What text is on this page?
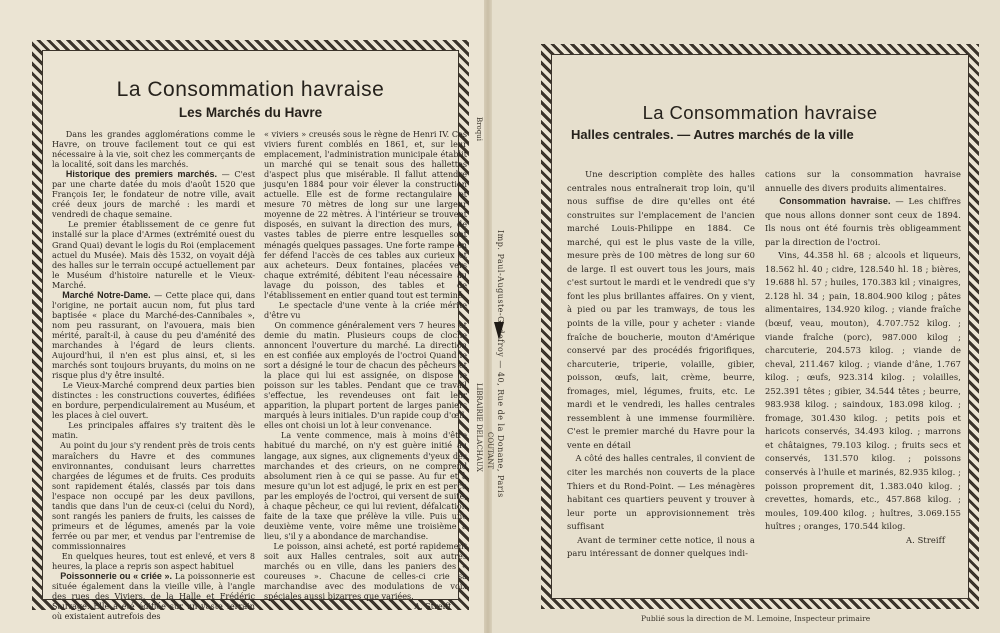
La Consommation havraise
Les Marchés du Havre

Dans les grandes agglomérations comme le Havre, on trouve facilement tout ce qui est nécessaire à la vie, soit chez les commerçants de la localité, soit dans les marchés.

Historique des premiers marchés. — C'est par une charte datée du mois d'août 1520 que François Ier, le fondateur de notre ville, avait créé deux jours de marché : les mardi et vendredi de chaque semaine.

Le premier établissement de ce genre fut installé sur la place d'Armes (extrémité ouest du Grand Quai) devant le logis du Roi (emplacement actuel du Musée). Mais dès 1532, on voyait déjà des halles sur le terrain occupé actuellement par le Muséum d'histoire naturelle et le Vieux-Marché.

Marché Notre-Dame. — Cette place qui, dans l'origine, ne portait aucun nom, fut plus tard baptisée « place du Marché-des-Cannibales », nom peu rassurant, on l'avouera, mais bien mérité, paraît-il, à cause du peu d'aménité des marchandes à l'égard de leurs clients. Aujourd'hui, il n'en est plus ainsi, et, si les marchés sont toujours bruyants, du moins on ne risque plus d'y être insulté.

Le Vieux-Marché comprend deux parties bien distinctes : les constructions couvertes, édifiées en bordure, perpendiculairement au Muséum, et les places à ciel ouvert.

Les principales affaires s'y traitent dès le matin.

Au point du jour s'y rendent près de trois cents maraîchers du Havre et des communes environnantes, conduisant leurs charrettes chargées de légumes et de fruits. Ces produits sont rapidement étalés, classés par tois dans l'espace non occupé par les deux pavillons, tandis que dans l'un de ceux-ci (celui du Nord), sont rangés les paniers de fruits, les caisses de primeurs et de légumes, amenés par la voie ferrée ou par mer, et vendus par l'entremise de commissionnaires

En quelques heures, tout est enlevé, et vers 8 heures, la place a repris son aspect habituel

Poissonnerie ou « criée ». La poissonnerie est située également dans la vieille ville, à l'angle des rues des Viviers, de la Halle et Frédéric Sauvage. Elle a été édifiée sur un vaste terrain où existaient autrefois des

« viviers » creusés sous le règne de Henri IV. Ces viviers furent comblés en 1861, et, sur leur emplacement, l'administration municipale établit un marché qui se tenait sous des hallettes d'aspect plus que misérable. Il fallut attendre jusqu'en 1884 pour voir élever la construction actuelle. Elle est de forme rectangulaire et mesure 70 mètres de long sur une largeur moyenne de 22 mètres. À l'intérieur se trouvent disposés, en suivant la direction des murs, de vastes tables de pierre entre lesquelles sont ménagés quelques passages. Une forte rampe en fer défend l'accès de ces tables aux curieux et aux acheteurs. Deux fontaines, placées vers chaque extrémité, débitent l'eau nécessaire au lavage du poisson, des tables et de l'établissement en entier quand tout est terminé

Le spectacle d'une vente à la criée mérite d'être vu

On commence généralement vers 7 heures et demie du matin. Plusieurs coups de cloche annoncent l'ouverture du marché. La direction en est confiée aux employés de l'octroi Quand le sort a désigné le tour de chacun des pêcheurs et la place qui lui est assignée, on dispose le poisson sur les tables. Pendant que ce travail s'effectue, les revendeuses ont fait leur apparition, la plupart portent de larges paniers marqués à leurs initiales. D'un rapide coup d'œil, elles ont choisi un lot à leur convenance.

La vente commence, mais à moins d'être habitué du marché, on n'y est guère initié au langage, aux signes, aux clignements d'yeux des marchandes et des crieurs, on ne comprend absolument rien à ce qui se passe. Au fur et à mesure qu'un lot est adjugé, le prix en est perçu par les employés de l'octroi, qui versent de suite, à chaque pêcheur, ce qui lui revient, défalcation faite de la taxe que prélève la ville. Puis une deuxième vente, voire même une troisième a lieu, s'il y a abondance de marchandise.

Le poisson, ainsi acheté, est porté rapidement soit aux Halles centrales, soit aux autres marchés ou en ville, dans les paniers des « coureuses ». Chacune de celles-ci crie sa marchandise avec des modulations de voix spéciales aussi bizarres que variées.

A. Streiff

La Consommation havraise
Halles centrales. — Autres marchés de la ville

Une description complète des halles centrales nous entraînerait trop loin, qu'il nous suffise de dire qu'elles ont été construites sur l'emplacement de l'ancien marché Louis-Philippe en 1884. Ce marché, qui est le plus vaste de la ville, mesure près de 100 mètres de long sur 60 de large. Il est ouvert tous les jours, mais c'est surtout le mardi et le vendredi que s'y font les plus brillantes affaires. On y vient, à pied ou par les tramways, de tous les points de la ville, pour y acheter : viande fraîche de boucherie, mouton d'Amérique conservé par des procédés frigorifiques, charcuterie, triperie, volaille, gibier, poisson, œufs, lait, crème, beurre, fromages, miel, légumes, fruits, etc. Le mardi et le vendredi, les halles centrales ressemblent à une immense fourmilière. C'est le premier marché du Havre pour la vente en détail

A côté des halles centrales, il convient de citer les marchés non couverts de la place Thiers et du Rond-Point. — Les ménagères habitant ces quartiers peuvent y trouver à leur porte un approvisionnement très suffisant

Avant de terminer cette notice, il nous a paru intéressant de donner quelques indi-

cations sur la consommation havraise annuelle des divers produits alimentaires.

Consommation havraise. — Les chiffres que nous allons donner sont ceux de 1894. Ils nous ont été fournis très obligeamment par la direction de l'octroi.

Vins, 44.358 hl. 68 ; alcools et liqueurs, 18.562 hl. 40 ; cidre, 128.540 hl. 18 ; bières, 19.688 hl. 57 ; huiles, 170.383 kil ; vinaigres, 2.128 hl. 34 ; pain, 18.804.900 kilog ; pâtes alimentaires, 134.920 kilog. ; viande fraîche (bœuf, veau, mouton), 4.707.752 kilog. ; viande fraîche (porc), 987.000 kilog ; charcuterie, 204.573 kilog. ; viande de cheval, 211.467 kilog. ; viande d'âne, 1.767 kilog. ; œufs, 923.314 kilog. ; volailles, 252.391 têtes ; gibier, 34.544 têtes ; beurre, 983.938 kilog. ; saindoux, 183.098 kilog. ; fromage, 301.430 kilog. ; petits pois et haricots conservés, 34.493 kilog. ; marrons et châtaignes, 79.103 kilog. ; fruits secs et conservés, 131.570 kilog. ; poissons conservés à l'huile et marinés, 82.935 kilog. ; poisson proprement dit, 1.383.040 kilog. ; crevettes, homards, etc., 457.868 kilog. ; moules, 109.400 kilog. ; huîtres, 3.069.155 huîtres ; oranges, 170.544 kilog.

A. Streiff

Publié sous la direction de M. Lemoine, Inspecteur primaire
Broqui
LIBRAIRIE DELACHAUX COUTANT Imp. Paul-Auguste-Godefroy — 40, Rue de la Donane, Paris
